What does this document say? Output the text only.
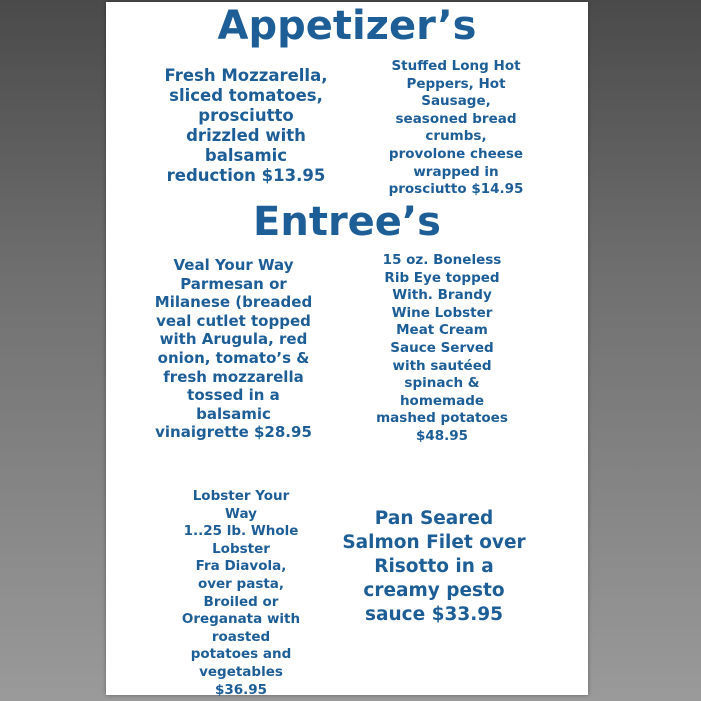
Appetizer’s

Fresh Mozzarella,
sliced tomatoes,
prosciutto
drizzled with
balsamic
reduction $13.95

Stuffed Long Hot
Peppers, Hot
Sausage,
seasoned bread
crumbs,
provolone cheese
wrapped in
prosciutto $14.95

Entree’s

Veal Your Way
Parmesan or
Milanese (breaded
veal cutlet topped
with Arugula, red
onion, tomato’s &
fresh mozzarella
tossed in a
balsamic
vinaigrette $28.95

15 oz. Boneless
Rib Eye topped
With. Brandy
Wine Lobster
Meat Cream
Sauce Served
with sautéed
spinach &
homemade
mashed potatoes
$48.95

Lobster Your
Way
1..25 lb. Whole
Lobster
Fra Diavola,
over pasta,
Broiled or
Oreganata with
roasted
potatoes and
vegetables
$36.95

Pan Seared
Salmon Filet over
Risotto in a
creamy pesto
sauce $33.95
